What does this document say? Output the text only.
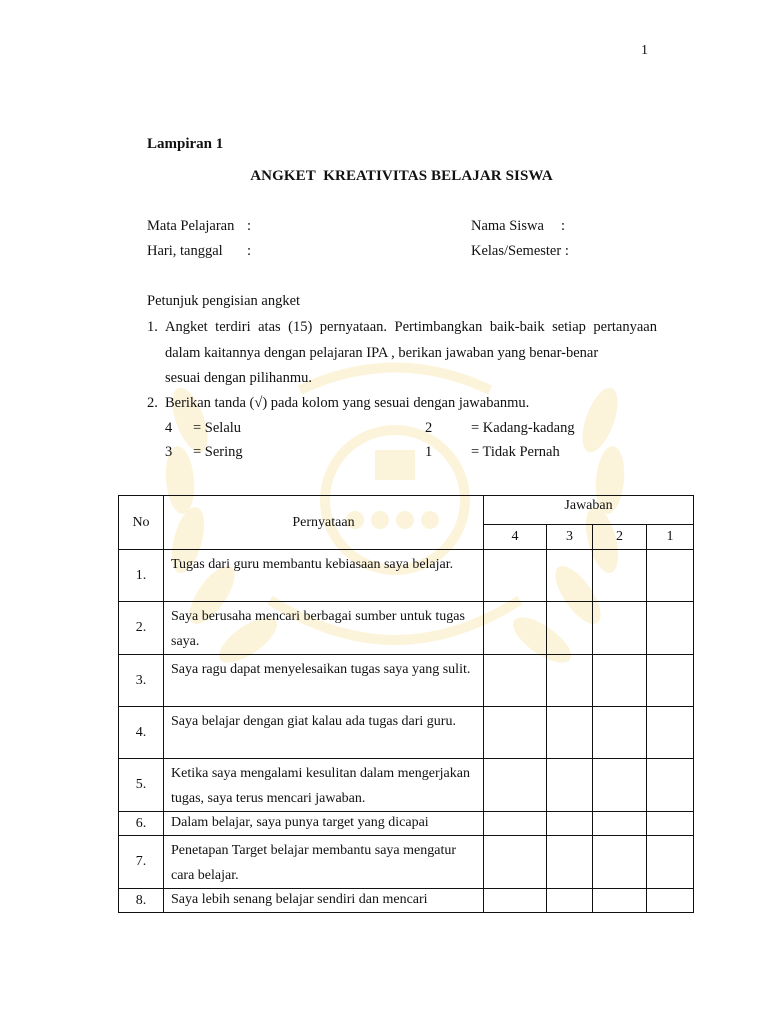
1
Lampiran 1
ANGKET  KREATIVITAS BELAJAR SISWA
Mata Pelajaran :
Hari, tanggal :
Nama Siswa :
Kelas/Semester :
Petunjuk pengisian angket
1. Angket terdiri atas (15) pernyataan. Pertimbangkan baik-baik setiap pertanyaan dalam kaitannya dengan pelajaran IPA , berikan jawaban yang benar-benar
sesuai dengan pilihanmu.
2. Berikan tanda (√) pada kolom yang sesuai dengan jawabanmu.
4 = Selalu
3 = Sering
2	= Kadang-kadang
1	= Tidak Pernah
No	Pernyataan	Jawaban			
		4	3	2	1
1.	Tugas dari guru membantu kebiasaan saya belajar.				
2.	Saya berusaha mencari berbagai sumber untuk tugas saya.				
3.	Saya ragu dapat menyelesaikan tugas saya yang sulit.				
4.	Saya belajar dengan giat kalau ada tugas dari guru.				
5.	Ketika saya mengalami kesulitan dalam mengerjakan tugas, saya terus mencari jawaban.				
6.	Dalam belajar, saya punya target yang dicapai				
7.	Penetapan Target belajar membantu saya mengatur cara belajar.				
8.	Saya lebih senang belajar sendiri dan mencari				
